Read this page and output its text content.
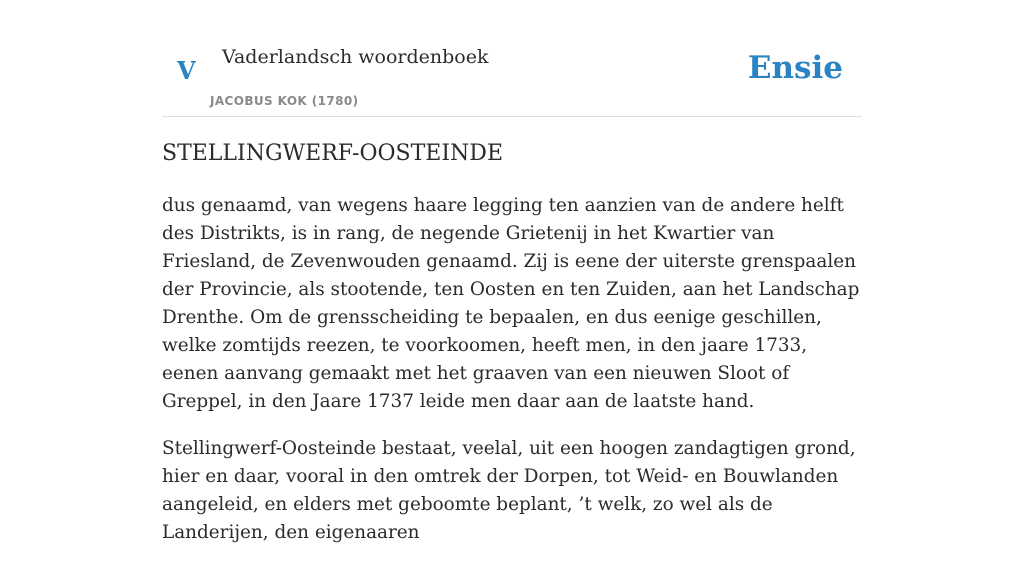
V Vaderlandsch woordenboek
JACOBUS KOK (1780)
Ensie
STELLINGWERF-OOSTEINDE

dus genaamd, van wegens haare legging ten aanzien van de andere helft des Distrikts, is in rang, de negende Grietenij in het Kwartier van Friesland, de Zevenwouden genaamd. Zij is eene der uiterste grenspaalen der Provincie, als stootende, ten Oosten en ten Zuiden, aan het Landschap Drenthe. Om de grensscheiding te bepaalen, en dus eenige geschillen, welke zomtijds reezen, te voorkoomen, heeft men, in den jaare 1733, eenen aanvang gemaakt met het graaven van een nieuwen Sloot of Greppel, in den Jaare 1737 leide men daar aan de laatste hand.

Stellingwerf-Oosteinde bestaat, veelal, uit een hoogen zandagtigen grond, hier en daar, vooral in den omtrek der Dorpen, tot Weid- en Bouwlanden aangeleid, en elders met geboomte beplant, ’t welk, zo wel als de Landerijen, den eigenaaren
